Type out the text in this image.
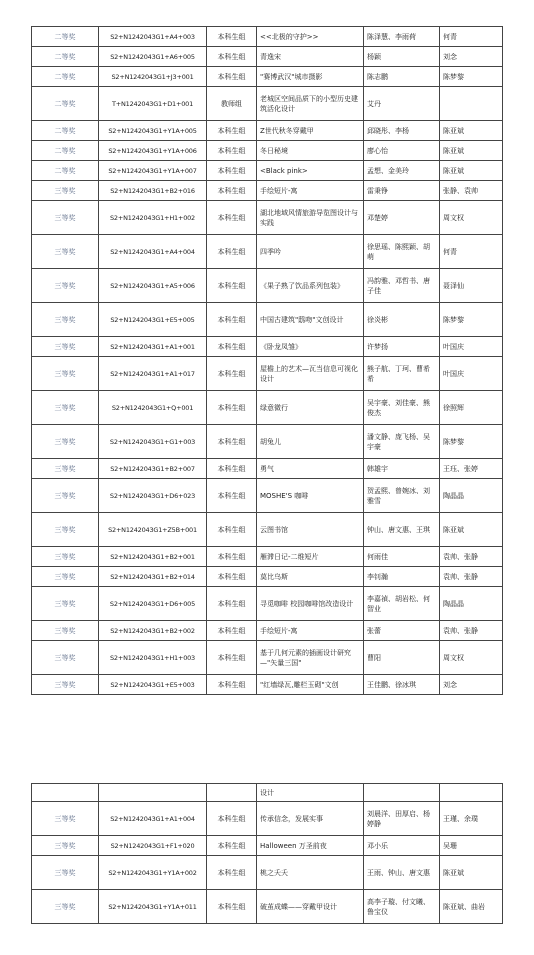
二等奖	S2+N1242043G1+A4+003	本科生组	<<北极的守护>>	陈泽慧、李雨荷	何青
二等奖	S2+N1242043G1+A6+005	本科生组	青逸宋	杨颖	刘念
二等奖	S2+N1242043G1+J3+001	本科生组	"赛博武汉"城市摄影	陈志鹏	陈梦黎
二等奖	T+N1242043G1+D1+001	教师组	老城区空间品质下的小型历史建筑活化设计	艾丹	
二等奖	S2+N1242043G1+Y1A+005	本科生组	Z世代秋冬穿戴甲	邱晓彤、李杨	陈亚斌
二等奖	S2+N1242043G1+Y1A+006	本科生组	冬日秘境	廖心怡	陈亚斌
二等奖	S2+N1242043G1+Y1A+007	本科生组	<Black pink>	孟想、金美玲	陈亚斌
三等奖	S2+N1242043G1+B2+016	本科生组	手绘短片-寓	雷秉铮	张静、袁帅
三等奖	S2+N1242043G1+H1+002	本科生组	湖北地域风情旅游导览图设计与实践	邓楚婷	周文权
三等奖	S2+N1242043G1+A4+004	本科生组	四季吟	徐思瑶、陈熙颖、胡萌	何青
三等奖	S2+N1242043G1+A5+006	本科生组	《果子熟了饮品系列包装》	冯韵雅、邓哲书、唐子佳	聂泽仙
三等奖	S2+N1242043G1+E5+005	本科生组	中国古建筑"鸱吻"文创设计	徐炎彬	陈梦黎
三等奖	S2+N1242043G1+A1+001	本科生组	《卧龙凤雏》	许梦扬	叶国庆
三等奖	S2+N1242043G1+A1+017	本科生组	屋檐上的艺术—瓦当信息可视化设计	熊子航、丁珂、曹希希	叶国庆
三等奖	S2+N1242043G1+Q+001	本科生组	绿意微行	吴宇豪、刘佳豪、熊俊杰	徐照辉
三等奖	S2+N1242043G1+G1+003	本科生组	胡兔儿	潘文静、庞飞杨、吴宇豪	陈梦黎
三等奖	S2+N1242043G1+B2+007	本科生组	勇气	韩雄宇	王珏、张婷
三等奖	S2+N1242043G1+D6+023	本科生组	MOSHE'S 咖啡	贺孟熙、曾婉冰、刘雅雪	陶晶晶
三等奖	S2+N1242043G1+Z5B+001	本科生组	云图书馆	钟山、唐文惠、王琪	陈亚斌
三等奖	S2+N1242043G1+B2+001	本科生组	雁滞日记-二维短片	何雨佳	袁帅、张静
三等奖	S2+N1242043G1+B2+014	本科生组	莫比乌斯	李钊瀚	袁帅、张静
三等奖	S2+N1242043G1+D6+005	本科生组	寻觅咖啡 校园咖啡馆改造设计	李嘉禎、胡岩松、何智业	陶晶晶
三等奖	S2+N1242043G1+B2+002	本科生组	手绘短片-寓	张蕾	袁帅、张静
三等奖	S2+N1242043G1+H1+003	本科生组	基于几何元素的插画设计研究—"矢量三国"	曹阳	周文权
三等奖	S2+N1242043G1+E5+003	本科生组	"红墙绿瓦,雕栏玉砌"文创	王佳鹏、徐冰琪	刘念
			设计		
三等奖	S2+N1242043G1+A1+004	本科生组	传承信念，发展实事	刘晨洋、田厚启、杨婷静	王瑾、余璞
三等奖	S2+N1242043G1+F1+020	本科生组	Halloween 万圣前夜	邓小乐	吴珊
三等奖	S2+N1242043G1+Y1A+002	本科生组	桃之夭夭	王雨、钟山、唐文惠	陈亚斌
三等奖	S2+N1242043G1+Y1A+011	本科生组	破茧成蝶——穿戴甲设计	高李子璇、付文曦、鲁宝仪	陈亚斌、曲岩
